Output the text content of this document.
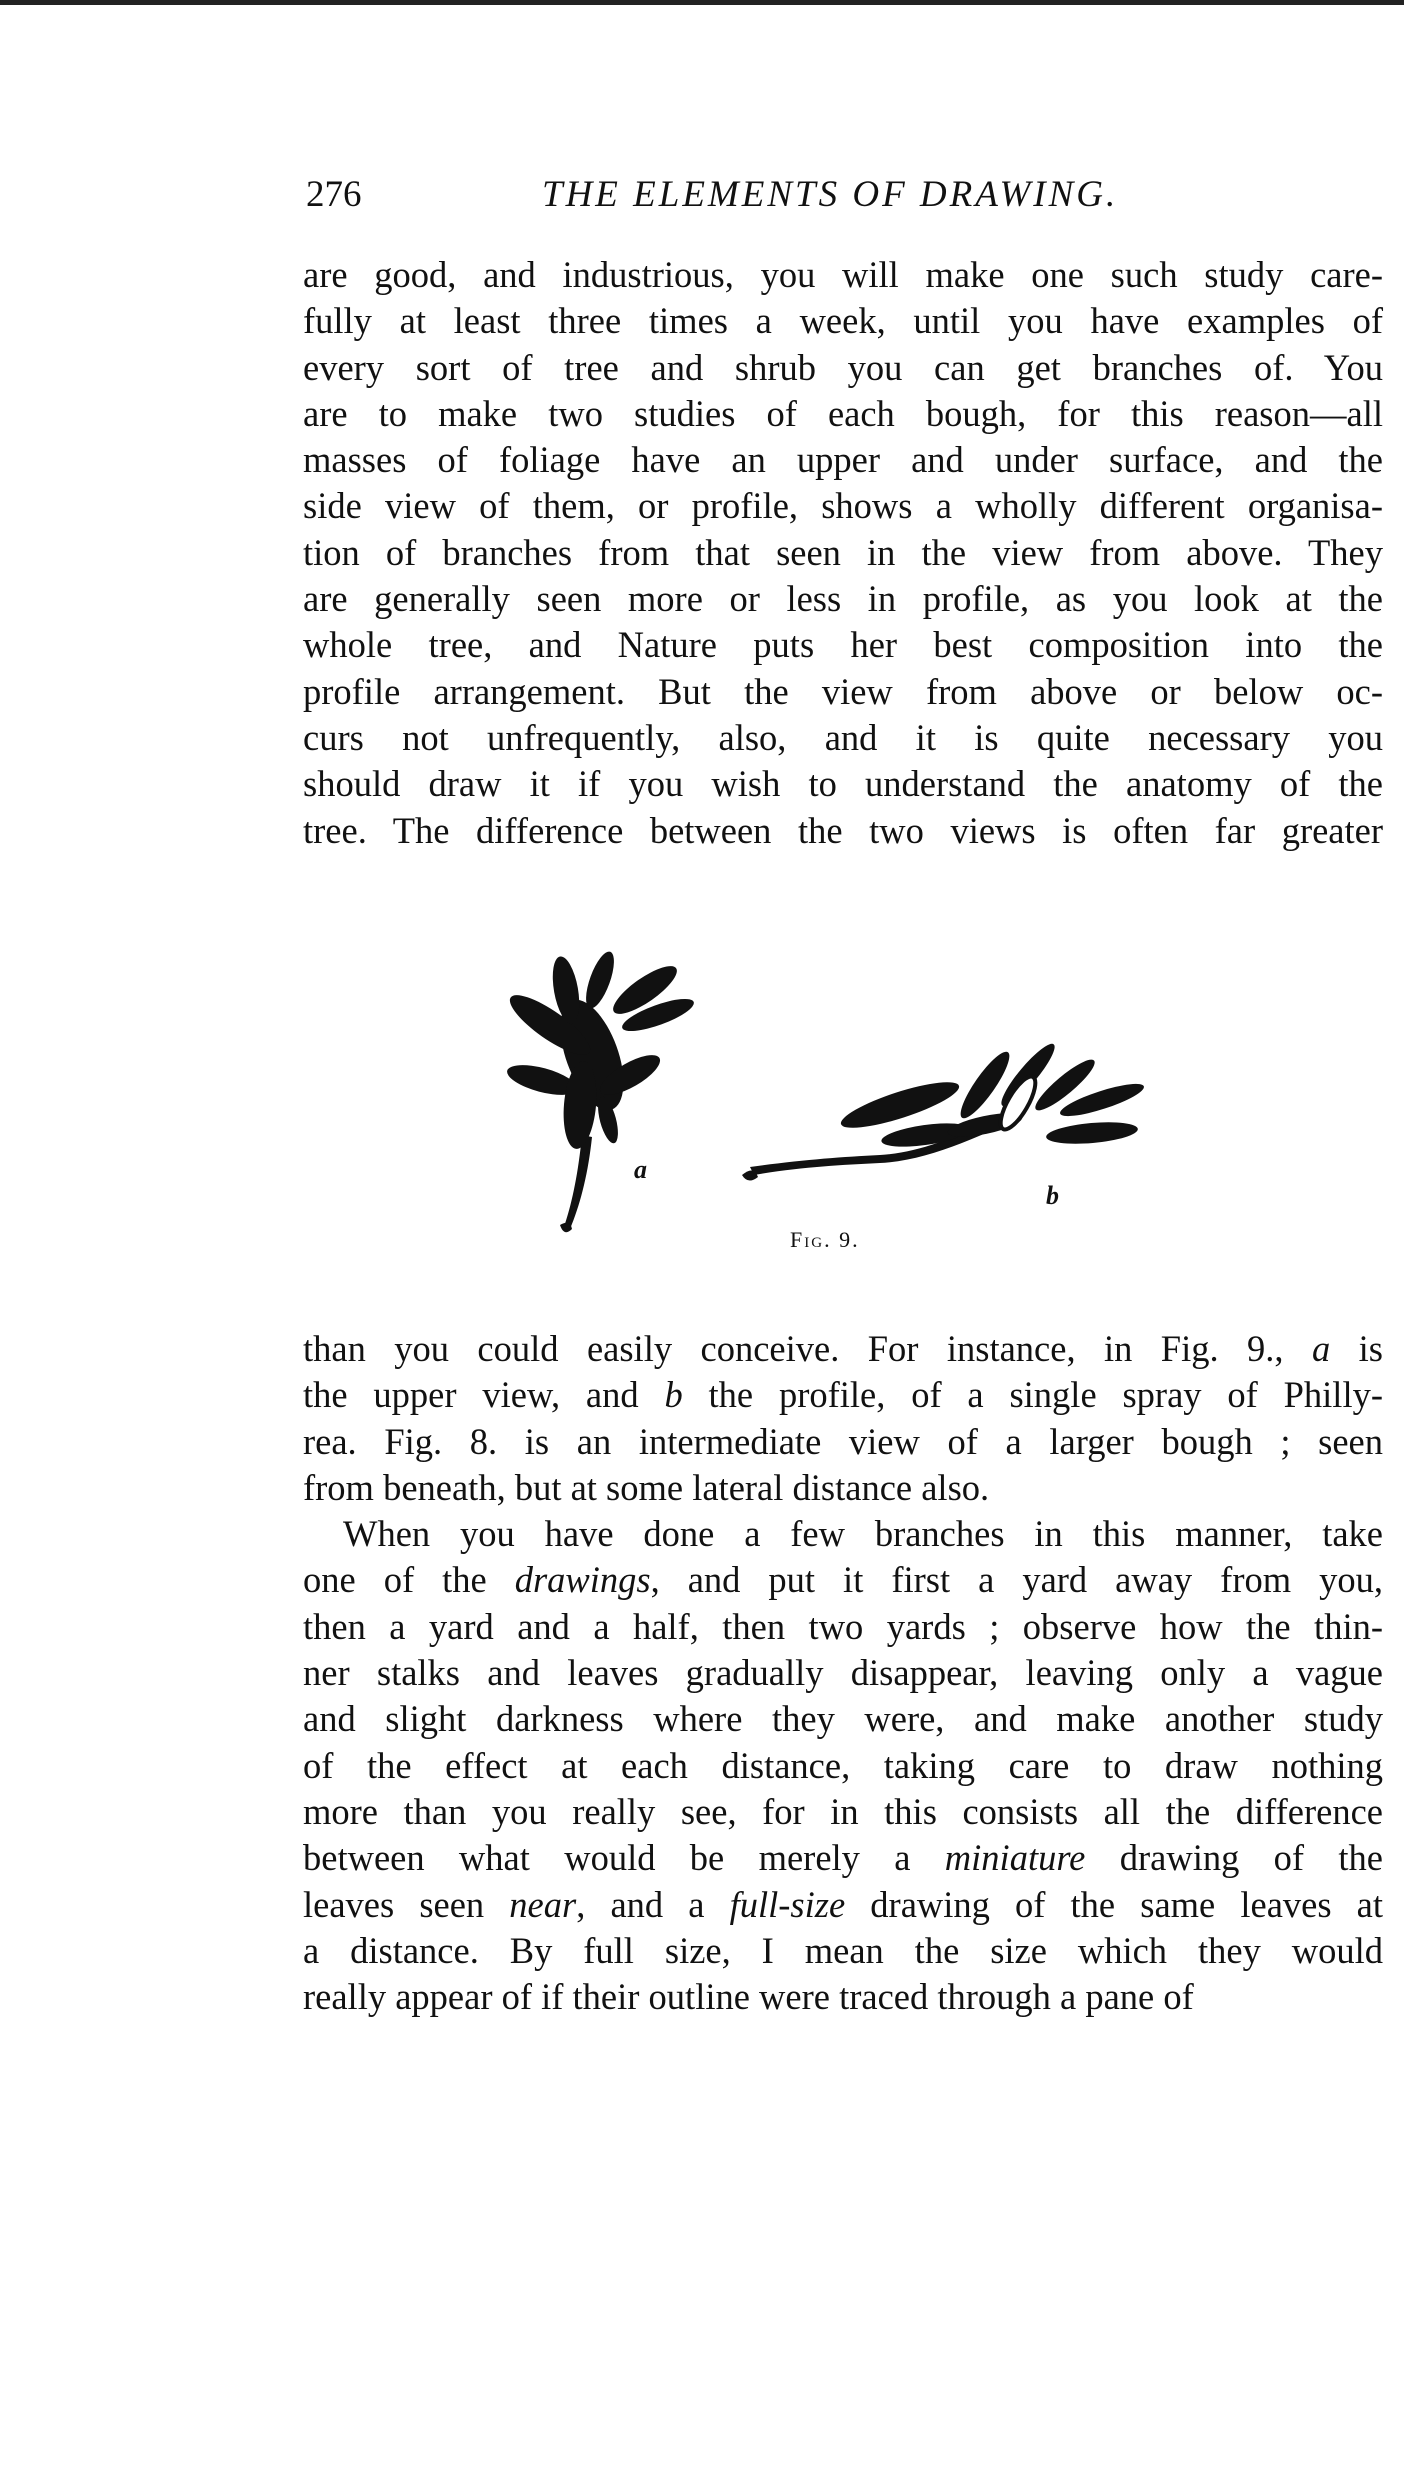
276	THE ELEMENTS OF DRAWING.
are good, and industrious, you will make one such study care-
fully at least three times a week, until you have examples of
every sort of tree and shrub you can get branches of. You
are to make two studies of each bough, for this reason—all
masses of foliage have an upper and under surface, and the
side view of them, or profile, shows a wholly different organisa-
tion of branches from that seen in the view from above. They
are generally seen more or less in profile, as you look at the
whole tree, and Nature puts her best composition into the
profile arrangement. But the view from above or below oc-
curs not unfrequently, also, and it is quite necessary you
should draw it if you wish to understand the anatomy of the
tree. The difference between the two views is often far greater
a
b
Fig. 9.
than you could easily conceive. For instance, in Fig. 9., a is
the upper view, and b the profile, of a single spray of Philly-
rea. Fig. 8. is an intermediate view of a larger bough ; seen
from beneath, but at some lateral distance also.
When you have done a few branches in this manner, take
one of the drawings, and put it first a yard away from you,
then a yard and a half, then two yards ; observe how the thin-
ner stalks and leaves gradually disappear, leaving only a vague
and slight darkness where they were, and make another study
of the effect at each distance, taking care to draw nothing
more than you really see, for in this consists all the difference
between what would be merely a miniature drawing of the
leaves seen near, and a full-size drawing of the same leaves at
a distance. By full size, I mean the size which they would
really appear of if their outline were traced through a pane of
